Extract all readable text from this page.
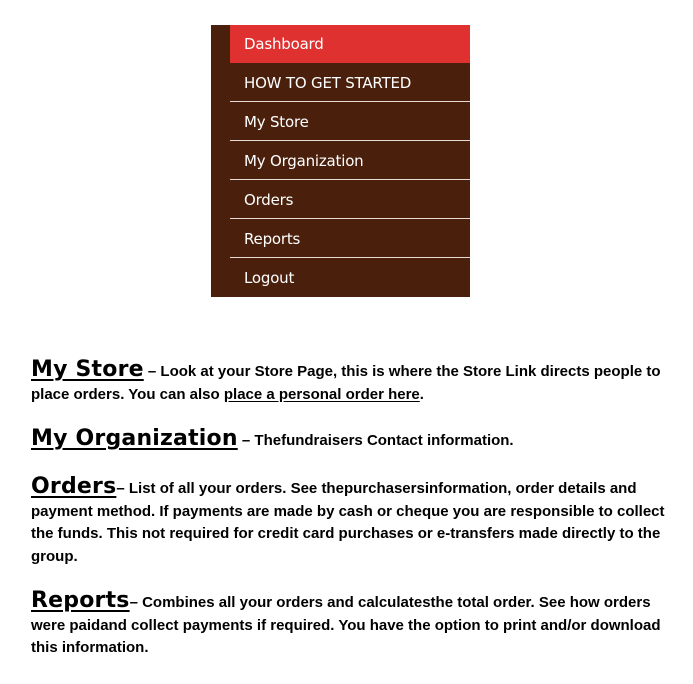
Dashboard
HOW TO GET STARTED
My Store
My Organization
Orders
Reports
Logout
My Store – Look at your Store Page, this is where the Store Link directs people to place orders. You can also place a personal order here.
My Organization – Thefundraisers Contact information.
Orders– List of all your orders. See thepurchasersinformation, order details and payment method. If payments are made by cash or cheque you are responsible to collect the funds. This not required for credit card purchases or e-transfers made directly to the group.
Reports– Combines all your orders and calculatesthe total order. See how orders were paidand collect payments if required. You have the option to print and/or download this information.
